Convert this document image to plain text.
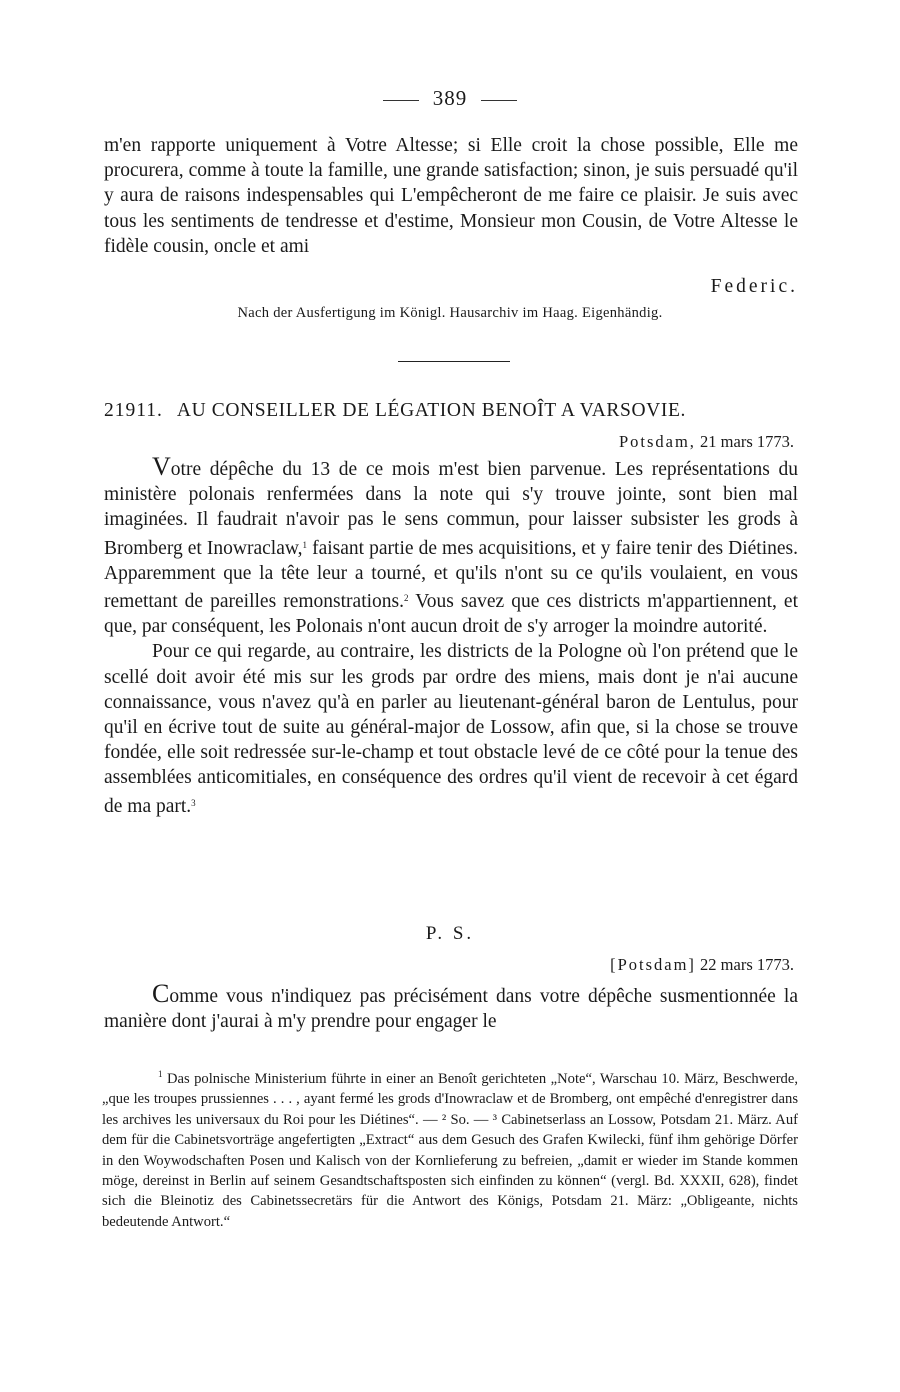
389

m'en rapporte uniquement à Votre Altesse; si Elle croit la chose possible, Elle me procurera, comme à toute la famille, une grande satisfaction; sinon, je suis persuadé qu'il y aura de raisons indespensables qui L'empêcheront de me faire ce plaisir. Je suis avec tous les sentiments de tendresse et d'estime, Monsieur mon Cousin, de Votre Altesse le fidèle cousin, oncle et ami

Federic.
Nach der Ausfertigung im Königl. Hausarchiv im Haag. Eigenhändig.
21911. AU CONSEILLER DE LÉGATION BENOÎT A VARSOVIE.
Potsdam, 21 mars 1773.

Votre dépêche du 13 de ce mois m'est bien parvenue. Les représentations du ministère polonais renfermées dans la note qui s'y trouve jointe, sont bien mal imaginées. Il faudrait n'avoir pas le sens commun, pour laisser subsister les grods à Bromberg et Inowraclaw,$^1$ faisant partie de mes acquisitions, et y faire tenir des Diétines. Apparemment que la tête leur a tourné, et qu'ils n'ont su ce qu'ils voulaient, en vous remettant de pareilles remonstrations.$^2$ Vous savez que ces districts m'appartiennent, et que, par conséquent, les Polonais n'ont aucun droit de s'y arroger la moindre autorité.

Pour ce qui regarde, au contraire, les districts de la Pologne où l'on prétend que le scellé doit avoir été mis sur les grods par ordre des miens, mais dont je n'ai aucune connaissance, vous n'avez qu'à en parler au lieutenant-général baron de Lentulus, pour qu'il en écrive tout de suite au général-major de Lossow, afin que, si la chose se trouve fondée, elle soit redressée sur-le-champ et tout obstacle levé de ce côté pour la tenue des assemblées anticomitiales, en conséquence des ordres qu'il vient de recevoir à cet égard de ma part.$^3$

P. S.
[Potsdam] 22 mars 1773.

Comme vous n'indiquez pas précisément dans votre dépêche susmentionnée la manière dont j'aurai à m'y prendre pour engager le

$^1$ Das polnische Ministerium führte in einer an Benoît gerichteten „Note“, Warschau 10. März, Beschwerde, „que les troupes prussiennes . . . , ayant fermé les grods d'Inowraclaw et de Bromberg, ont empêché d'enregistrer dans les archives les universaux du Roi pour les Diétines“. — ² So. — ³ Cabinetserlass an Lossow, Potsdam 21. März. Auf dem für die Cabinetsvorträge angefertigten „Extract“ aus dem Gesuch des Grafen Kwilecki, fünf ihm gehörige Dörfer in den Woywodschaften Posen und Kalisch von der Kornlieferung zu befreien, „damit er wieder im Stande kommen möge, dereinst in Berlin auf seinem Gesandtschaftsposten sich einfinden zu können“ (vergl. Bd. XXXII, 628), findet sich die Bleinotiz des Cabinetssecretärs für die Antwort des Königs, Potsdam 21. März: „Obligeante, nichts bedeutende Antwort.“
